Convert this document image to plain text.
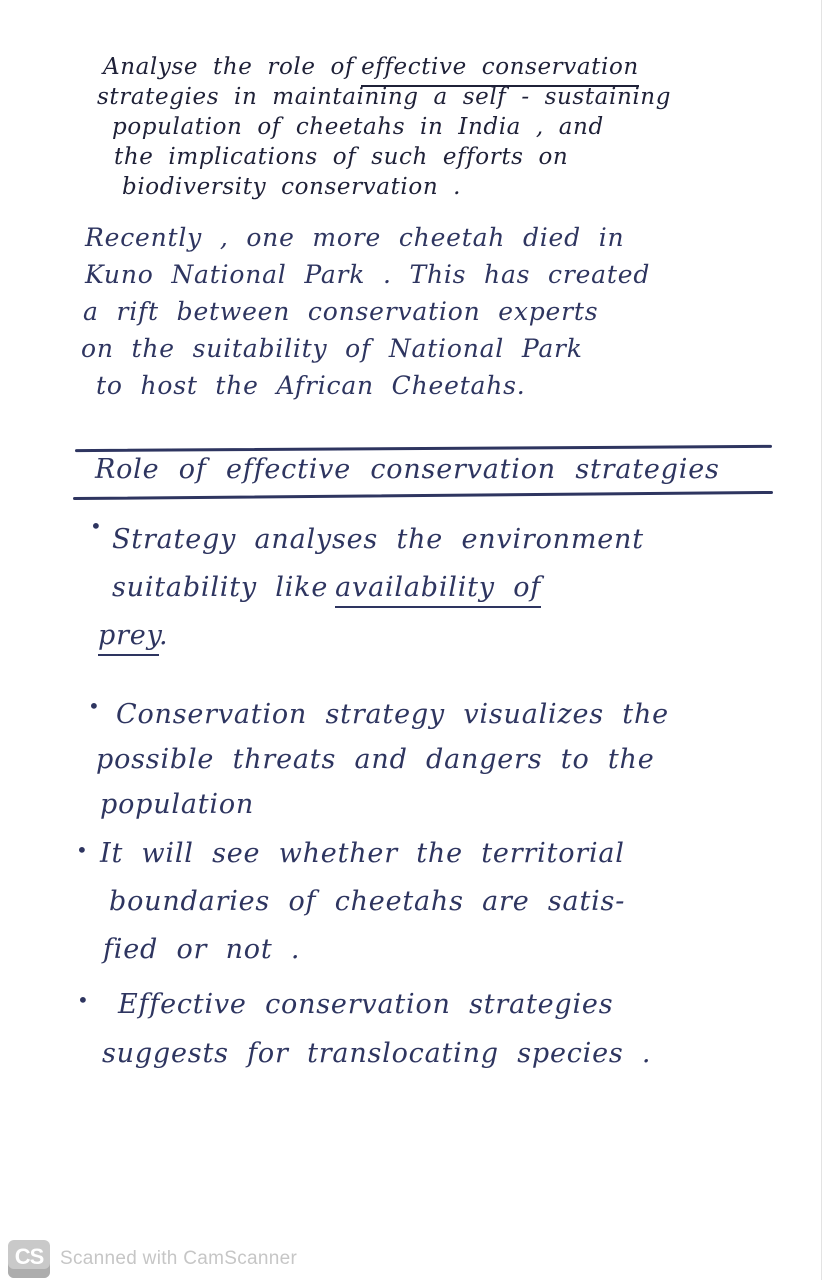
Analyse the role of effective conservation
strategies in maintaining a self - sustaining
population of cheetahs in India , and
the implications of such efforts on
biodiversity conservation .
Recently , one more cheetah died in
Kuno National Park . This has created
a rift between conservation experts
on the suitability of National Park
to host the African Cheetahs.
Role of effective conservation strategies
• Strategy analyses the environment
suitability like availability of
prey.
• Conservation strategy visualizes the
possible threats and dangers to the
population
• It will see whether the territorial
boundaries of cheetahs are satis-
fied or not .
• Effective conservation strategies
suggests for translocating species .
CS Scanned with CamScanner
